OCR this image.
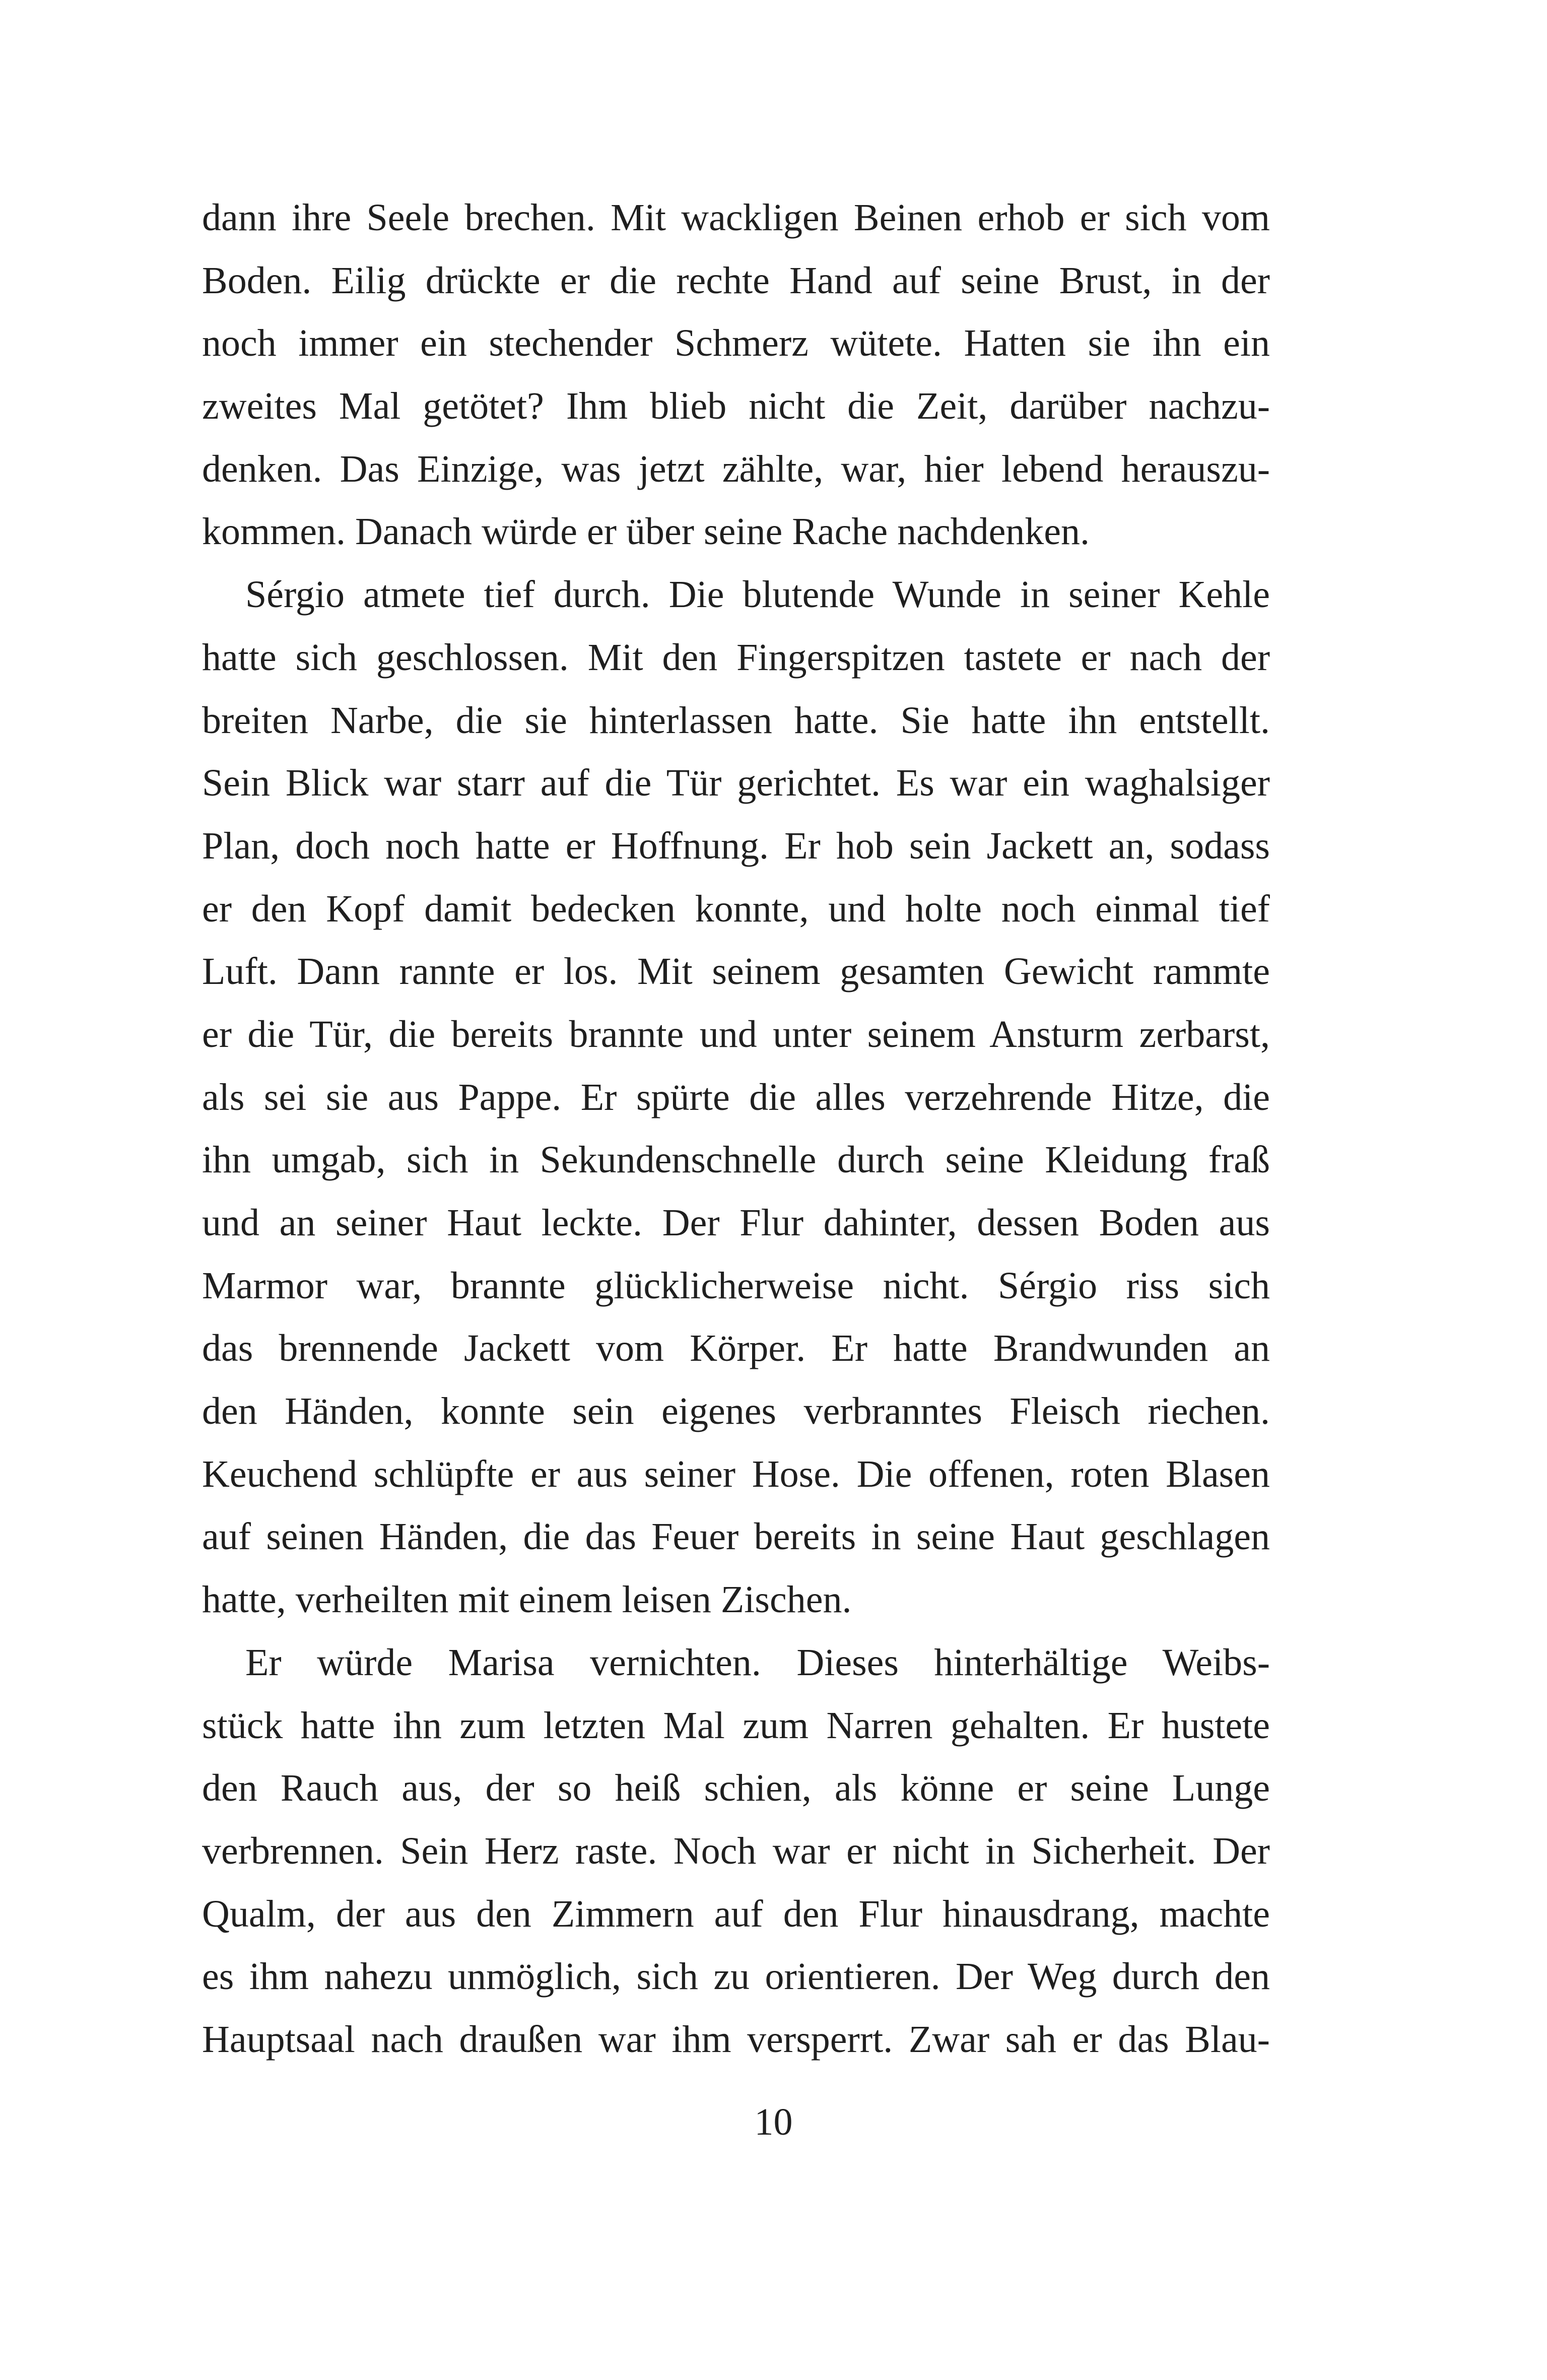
dann ihre Seele brechen. Mit wackligen Beinen erhob er sich vom
Boden. Eilig drückte er die rechte Hand auf seine Brust, in der
noch immer ein stechender Schmerz wütete. Hatten sie ihn ein
zweites Mal getötet? Ihm blieb nicht die Zeit, darüber nachzu-
denken. Das Einzige, was jetzt zählte, war, hier lebend herauszu-
kommen. Danach würde er über seine Rache nachdenken.
Sérgio atmete tief durch. Die blutende Wunde in seiner Kehle
hatte sich geschlossen. Mit den Fingerspitzen tastete er nach der
breiten Narbe, die sie hinterlassen hatte. Sie hatte ihn entstellt.
Sein Blick war starr auf die Tür gerichtet. Es war ein waghalsiger
Plan, doch noch hatte er Hoffnung. Er hob sein Jackett an, sodass
er den Kopf damit bedecken konnte, und holte noch einmal tief
Luft. Dann rannte er los. Mit seinem gesamten Gewicht rammte
er die Tür, die bereits brannte und unter seinem Ansturm zerbarst,
als sei sie aus Pappe. Er spürte die alles verzehrende Hitze, die
ihn umgab, sich in Sekundenschnelle durch seine Kleidung fraß
und an seiner Haut leckte. Der Flur dahinter, dessen Boden aus
Marmor war, brannte glücklicherweise nicht. Sérgio riss sich
das brennende Jackett vom Körper. Er hatte Brandwunden an
den Händen, konnte sein eigenes verbranntes Fleisch riechen.
Keuchend schlüpfte er aus seiner Hose. Die offenen, roten Blasen
auf seinen Händen, die das Feuer bereits in seine Haut geschlagen
hatte, verheilten mit einem leisen Zischen.
Er würde Marisa vernichten. Dieses hinterhältige Weibs-
stück hatte ihn zum letzten Mal zum Narren gehalten. Er hustete
den Rauch aus, der so heiß schien, als könne er seine Lunge
verbrennen. Sein Herz raste. Noch war er nicht in Sicherheit. Der
Qualm, der aus den Zimmern auf den Flur hinausdrang, machte
es ihm nahezu unmöglich, sich zu orientieren. Der Weg durch den
Hauptsaal nach draußen war ihm versperrt. Zwar sah er das Blau-
10
